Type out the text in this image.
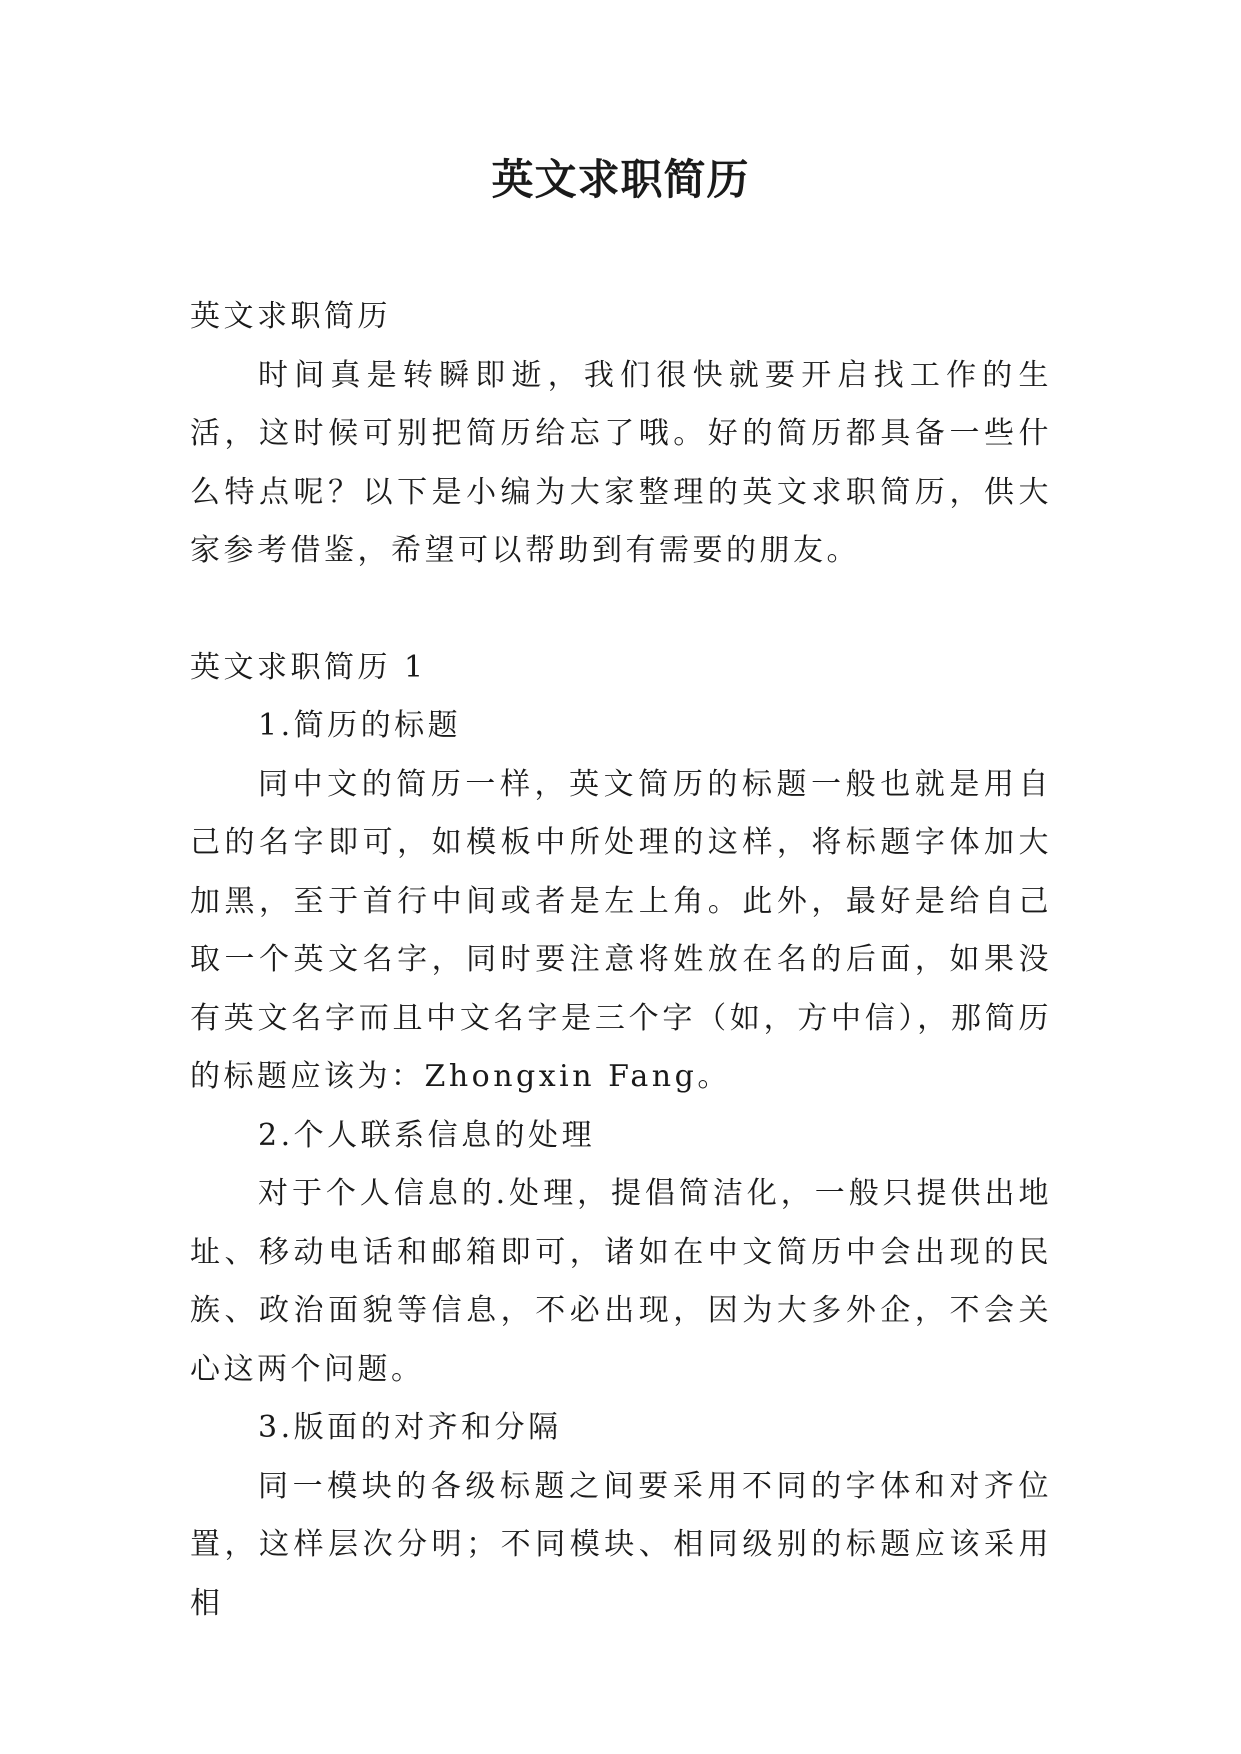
英文求职简历

英文求职简历

时间真是转瞬即逝，我们很快就要开启找工作的生活，这时候可别把简历给忘了哦。好的简历都具备一些什么特点呢？以下是小编为大家整理的英文求职简历，供大家参考借鉴，希望可以帮助到有需要的朋友。

英文求职简历 1

1.简历的标题

同中文的简历一样，英文简历的标题一般也就是用自己的名字即可，如模板中所处理的这样，将标题字体加大加黑，至于首行中间或者是左上角。此外，最好是给自己取一个英文名字，同时要注意将姓放在名的后面，如果没有英文名字而且中文名字是三个字（如，方中信），那简历的标题应该为：Zhongxin Fang。

2.个人联系信息的处理

对于个人信息的.处理，提倡简洁化，一般只提供出地址、移动电话和邮箱即可，诸如在中文简历中会出现的民族、政治面貌等信息，不必出现，因为大多外企，不会关心这两个问题。

3.版面的对齐和分隔

同一模块的各级标题之间要采用不同的字体和对齐位置，这样层次分明；不同模块、相同级别的标题应该采用相
